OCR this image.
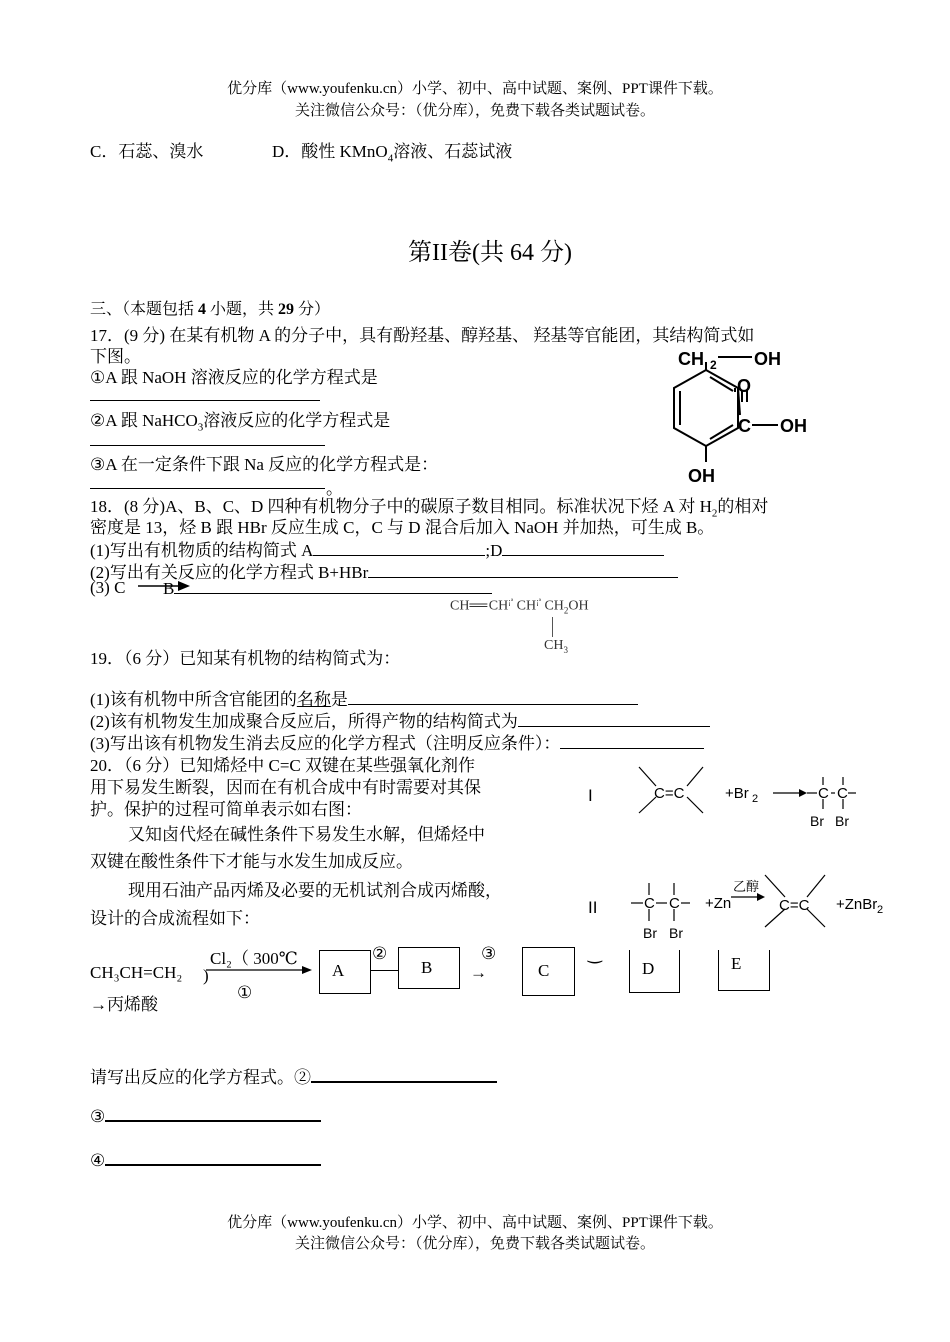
优分库（www.youfenku.cn）小学、初中、高中试题、案例、PPT课件下载。
关注微信公众号：（优分库），免费下载各类试题试卷。
C．石蕊、溴水	D．酸性 KMnO$_4$溶液、石蕊试液
第II卷(共 64 分)
三、（本题包括 4 小题，共 29 分）
17．(9 分) 在某有机物 A 的分子中，具有酚羟基、醇羟基、 羟基等官能团，其结构简式如
下图。
①A 跟 NaOH 溶液反应的化学方程式是
②A 跟 NaHCO$_3$溶液反应的化学方程式是
③A 在一定条件下跟 Na 反应的化学方程式是：
。
CH 2 OH
O
C OH
OH
18．(8 分)A、B、C、D 四种有机物分子中的碳原子数目相同。标准状况下烃 A 对 $H_2$的相对
密度是 13，烃 B 跟 HBr 反应生成 C，C 与 D 混合后加入 NaOH 并加热，可生成 B。
(1)写出有机物质的结构简式 A	;D
(2)写出有关反应的化学方程式 B+HBr
(3) C B
CH══ $CH^{¡ª}$ $CH^{¡ª}$ $CH_2OH$
$CH_3$
19．（6 分）已知某有机物的结构简式为：
(1)该有机物中所含官能团的名称是
(2)该有机物发生加成聚合反应后，所得产物的结构简式为
(3)写出该有机物发生消去反应的化学方程式（注明反应条件）：
20．（6 分）已知烯烃中 C=C 双键在某些强氧化剂作
用下易发生断裂，因而在有机合成中有时需要对其保
护。保护的过程可简单表示如右图：
又知卤代烃在碱性条件下易发生水解，但烯烃中
双键在酸性条件下才能与水发生加成反应。
现用石油产品丙烯及必要的无机试剂合成丙烯酸，
设计的合成流程如下：
I	C=C	+Br 2	C C
Br Br
II	C C
Br Br
+Zn
乙醇
C=C +ZnBr 2
Cl₂（ 300℃
CH₃CH=CH₂ )
①
→丙烯酸
A
②
B
③
→	C
‿
D	E
请写出反应的化学方程式。②
③
④
优分库（www.youfenku.cn）小学、初中、高中试题、案例、PPT课件下载。
关注微信公众号：（优分库），免费下载各类试题试卷。
